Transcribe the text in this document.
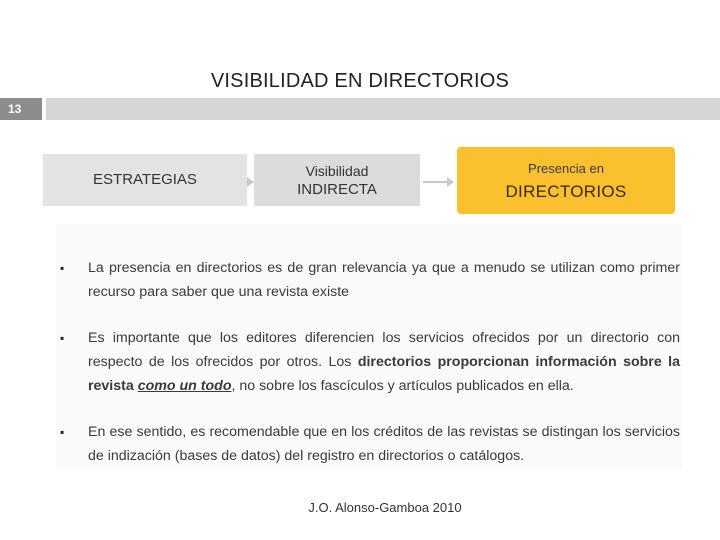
VISIBILIDAD EN DIRECTORIOS
13
ESTRATEGIAS	Visibilidad
INDIRECTA
Presencia en
DIRECTORIOS
▪ La presencia en directorios es de gran relevancia ya que a menudo se utilizan como primer recurso para saber que una revista existe
▪ Es importante que los editores diferencien los servicios ofrecidos por un directorio con respecto de los ofrecidos por otros. Los directorios proporcionan información sobre la revista como un todo, no sobre los fascículos y artículos publicados en ella.
▪ En ese sentido, es recomendable que en los créditos de las revistas se distingan los servicios de indización (bases de datos) del registro en directorios o catálogos.
J.O. Alonso-Gamboa 2010
